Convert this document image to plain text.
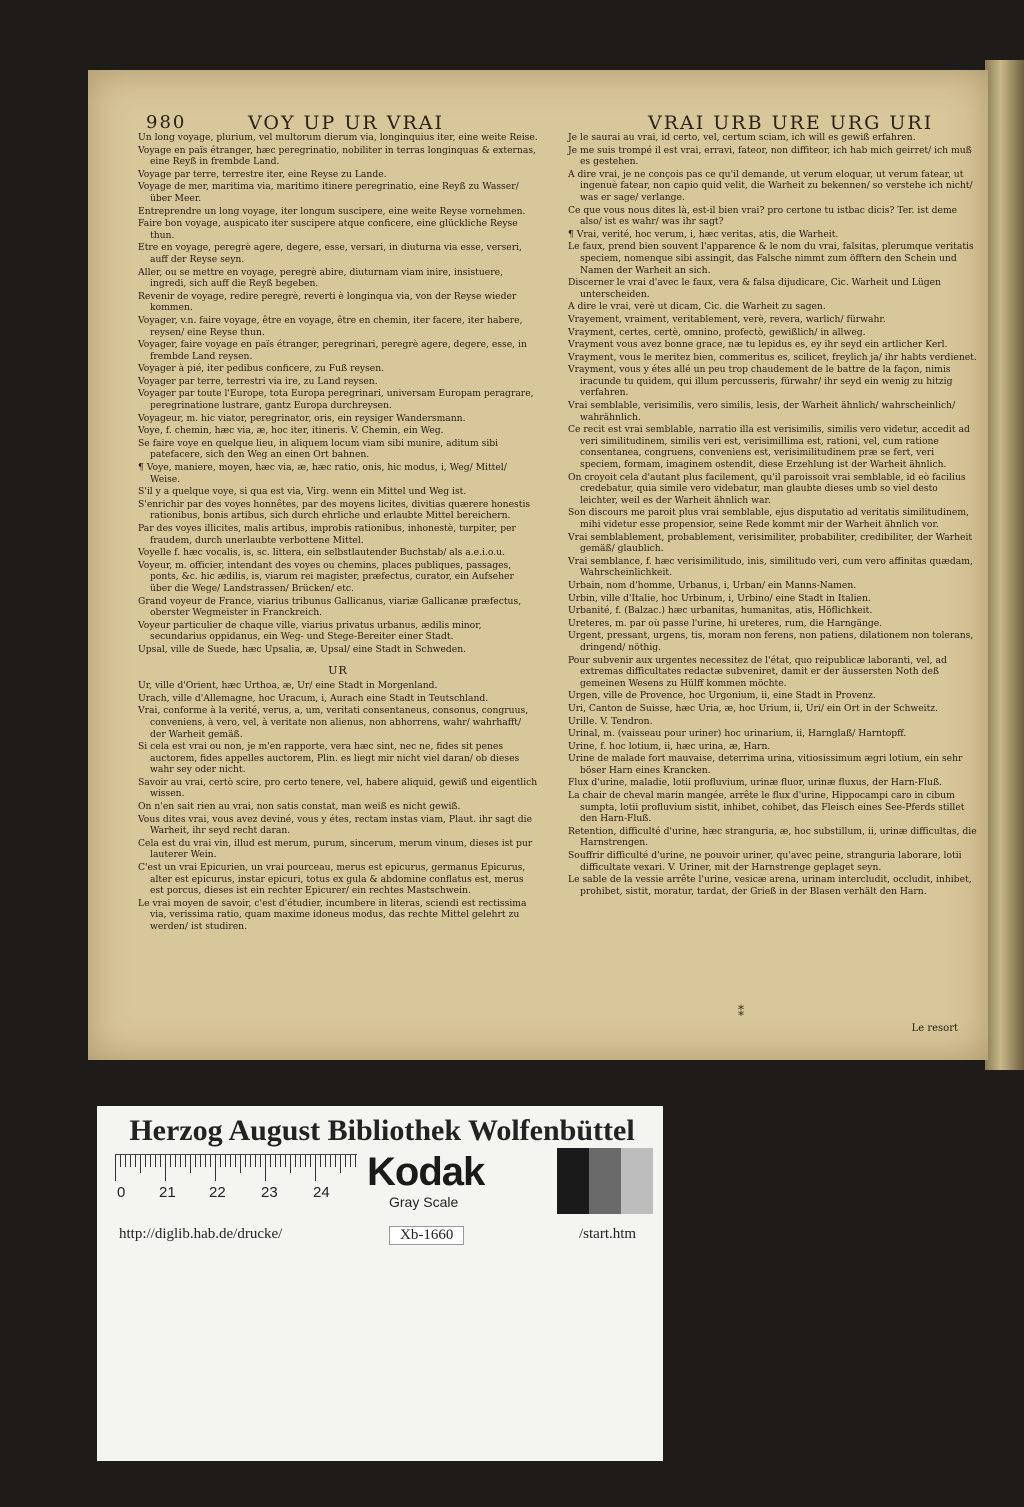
980	VOY UP UR VRAI	VRAI URB URE URG URI
Un long voyage, plurium, vel multorum dierum via, longinquius iter, eine weite Reise.
Voyage en païs étranger, hæc peregrinatio, nobiliter in terras longinquas & externas, eine Reyß in frembde Land.
Voyage par terre, terrestre iter, eine Reyse zu Lande.
Voyage de mer, maritima via, maritimo itinere peregrinatio, eine Reyß zu Wasser/ über Meer.
Entreprendre un long voyage, iter longum suscipere, eine weite Reyse vornehmen.
Faire bon voyage, auspicato iter suscipere atque conficere, eine glückliche Reyse thun.
Etre en voyage, peregrè agere, degere, esse, versari, in diuturna via esse, verseri, auff der Reyse seyn.
Aller, ou se mettre en voyage, peregrè abire, diuturnam viam inire, insistuere, ingredi, sich auff die Reyß begeben.
Revenir de voyage, redire peregrè, reverti è longinqua via, von der Reyse wieder kommen.
Voyager, v.n. faire voyage, être en voyage, être en chemin, iter facere, iter habere, reysen/ eine Reyse thun.
Voyager, faire voyage en païs étranger, peregrinari, peregrè agere, degere, esse, in frembde Land reysen.
Voyager à pié, iter pedibus conficere, zu Fuß reysen.
Voyager par terre, terrestri via ire, zu Land reysen.
Voyager par toute l'Europe, tota Europa peregrinari, universam Europam peragrare, peregrinatione lustrare, gantz Europa durchreysen.
Voyageur, m. hic viator, peregrinator, oris, ein reysiger Wandersmann.
Voye, f. chemin, hæc via, æ, hoc iter, itineris. V. Chemin, ein Weg.
Se faire voye en quelque lieu, in aliquem locum viam sibi munire, aditum sibi patefacere, sich den Weg an einen Ort bahnen.
¶ Voye, maniere, moyen, hæc via, æ, hæc ratio, onis, hic modus, i, Weg/ Mittel/ Weise.
S'il y a quelque voye, si qua est via, Virg. wenn ein Mittel und Weg ist.
S'enrichir par des voyes honnêtes, par des moyens licites, divitias quærere honestis rationibus, bonis artibus, sich durch ehrliche und erlaubte Mittel bereichern.
Par des voyes illicites, malis artibus, improbis rationibus, inhonestè, turpiter, per fraudem, durch unerlaubte verbottene Mittel.
Voyelle f. hæc vocalis, is, sc. littera, ein selbstlautender Buchstab/ als a.e.i.o.u.
Voyeur, m. officier, intendant des voyes ou chemins, places publiques, passages, ponts, &c. hic ædilis, is, viarum rei magister, præfectus, curator, ein Aufseher über die Wege/ Landstrassen/ Brücken/ etc.
Grand voyeur de France, viarius tribunus Gallicanus, viariæ Gallicanæ præfectus, oberster Wegmeister in Franckreich.
Voyeur particulier de chaque ville, viarius privatus urbanus, ædilis minor, secundarius oppidanus, ein Weg- und Stege-Bereiter einer Stadt.
Upsal, ville de Suede, hæc Upsalia, æ, Upsal/ eine Stadt in Schweden.
UR
Ur, ville d'Orient, hæc Urthoa, æ, Ur/ eine Stadt in Morgenland.
Urach, ville d'Allemagne, hoc Uracum, i, Aurach eine Stadt in Teutschland.
Vrai, conforme à la verité, verus, a, um, veritati consentaneus, consonus, congruus, conveniens, à vero, vel, à veritate non alienus, non abhorrens, wahr/ wahrhafft/ der Warheit gemäß.
Si cela est vrai ou non, je m'en rapporte, vera hæc sint, nec ne, fides sit penes auctorem, fides appelles auctorem, Plin. es liegt mir nicht viel daran/ ob dieses wahr sey oder nicht.
Savoir au vrai, certò scire, pro certo tenere, vel, habere aliquid, gewiß und eigentlich wissen.
On n'en sait rien au vrai, non satis constat, man weiß es nicht gewiß.
Vous dites vrai, vous avez deviné, vous y étes, rectam instas viam, Plaut. ihr sagt die Warheit, ihr seyd recht daran.
Cela est du vrai vin, illud est merum, purum, sincerum, merum vinum, dieses ist pur lauterer Wein.
C'est un vrai Epicurien, un vrai pourceau, merus est epicurus, germanus Epicurus, alter est epicurus, instar epicuri, totus ex gula & abdomine conflatus est, merus est porcus, dieses ist ein rechter Epicurer/ ein rechtes Mastschwein.
Le vrai moyen de savoir, c'est d'étudier, incumbere in literas, sciendi est rectissima via, verissima ratio, quam maxime idoneus modus, das rechte Mittel gelehrt zu werden/ ist studiren.
Je le saurai au vrai, id certo, vel, certum sciam, ich will es gewiß erfahren.
Je me suis trompé il est vrai, erravi, fateor, non diffiteor, ich hab mich geirret/ ich muß es gestehen.
A dire vrai, je ne conçois pas ce qu'il demande, ut verum eloquar, ut verum fatear, ut ingenuè fatear, non capio quid velit, die Warheit zu bekennen/ so verstehe ich nicht/ was er sage/ verlange.
Ce que vous nous dites là, est-il bien vrai? pro certone tu istbac dicis? Ter. ist deme also/ ist es wahr/ was ihr sagt?
¶ Vrai, verité, hoc verum, i, hæc veritas, atis, die Warheit.
Le faux, prend bien souvent l'apparence & le nom du vrai, falsitas, plerumque veritatis speciem, nomenque sibi assingit, das Falsche nimmt zum öfftern den Schein und Namen der Warheit an sich.
Discerner le vrai d'avec le faux, vera & falsa dijudicare, Cic. Warheit und Lügen unterscheiden.
A dire le vrai, verè ut dicam, Cic. die Warheit zu sagen.
Vrayement, vraiment, veritablement, verè, revera, warlich/ fürwahr.
Vrayment, certes, certè, omnino, profectò, gewißlich/ in allweg.
Vrayment vous avez bonne grace, næ tu lepidus es, ey ihr seyd ein artlicher Kerl.
Vrayment, vous le meritez bien, commeritus es, scilicet, freylich ja/ ihr habts verdienet.
Vrayment, vous y étes allé un peu trop chaudement de le battre de la façon, nimis iracunde tu quidem, qui illum percusseris, fürwahr/ ihr seyd ein wenig zu hitzig verfahren.
Vrai semblable, verisimilis, vero similis, lesis, der Warheit ähnlich/ wahrscheinlich/ wahrähnlich.
Ce recit est vrai semblable, narratio illa est verisimilis, similis vero videtur, accedit ad veri similitudinem, similis veri est, verisimillima est, rationi, vel, cum ratione consentanea, congruens, conveniens est, verisimilitudinem præ se fert, veri speciem, formam, imaginem ostendit, diese Erzehlung ist der Warheit ähnlich.
On croyoit cela d'autant plus facilement, qu'il paroissoit vrai semblable, id eò facilius credebatur, quia simile vero videbatur, man glaubte dieses umb so viel desto leichter, weil es der Warheit ähnlich war.
Son discours me paroit plus vrai semblable, ejus disputatio ad veritatis similitudinem, mihi videtur esse propensior, seine Rede kommt mir der Warheit ähnlich vor.
Vrai semblablement, probablement, verisimiliter, probabiliter, credibiliter, der Warheit gemäß/ glaublich.
Vrai semblance, f. hæc verisimilitudo, inis, similitudo veri, cum vero affinitas quædam, Wahrscheinlichkeit.
Urbain, nom d'homme, Urbanus, i, Urban/ ein Manns-Namen.
Urbin, ville d'Italie, hoc Urbinum, i, Urbino/ eine Stadt in Italien.
Urbanité, f. (Balzac.) hæc urbanitas, humanitas, atis, Höflichkeit.
Ureteres, m. par où passe l'urine, hi ureteres, rum, die Harngänge.
Urgent, pressant, urgens, tis, moram non ferens, non patiens, dilationem non tolerans, dringend/ nöthig.
Pour subvenir aux urgentes necessitez de l'état, quo reipublicæ laboranti, vel, ad extremas difficultates redactæ subveniret, damit er der äussersten Noth deß gemeinen Wesens zu Hülff kommen möchte.
Urgen, ville de Provence, hoc Urgonium, ii, eine Stadt in Provenz.
Uri, Canton de Suisse, hæc Uria, æ, hoc Urium, ii, Uri/ ein Ort in der Schweitz.
Urille. V. Tendron.
Urinal, m. (vaisseau pour uriner) hoc urinarium, ii, Harnglaß/ Harntopff.
Urine, f. hoc lotium, ii, hæc urina, æ, Harn.
Urine de malade fort mauvaise, deterrima urina, vitiosissimum ægri lotium, ein sehr böser Harn eines Krancken.
Flux d'urine, maladie, lotii profluvium, urinæ fluor, urinæ fluxus, der Harn-Fluß.
La chair de cheval marin mangée, arrête le flux d'urine, Hippocampi caro in cibum sumpta, lotii profluvium sistit, inhibet, cohibet, das Fleisch eines See-Pferds stillet den Harn-Fluß.
Retention, difficulté d'urine, hæc stranguria, æ, hoc substillum, ii, urinæ difficultas, die Harnstrengen.
Souffrir difficulté d'urine, ne pouvoir uriner, qu'avec peine, stranguria laborare, lotii difficultate vexari. V. Uriner, mit der Harnstrenge geplaget seyn.
Le sable de la vessie arrête l'urine, vesicæ arena, urinam intercludit, occludit, inhibet, prohibet, sistit, moratur, tardat, der Grieß in der Blasen verhält den Harn.
⁑
Le resort
Herzog August Bibliothek Wolfenbüttel
0 21 22 23 24 Kodak
Gray Scale
http://diglib.hab.de/drucke/	Xb-1660	/start.htm
